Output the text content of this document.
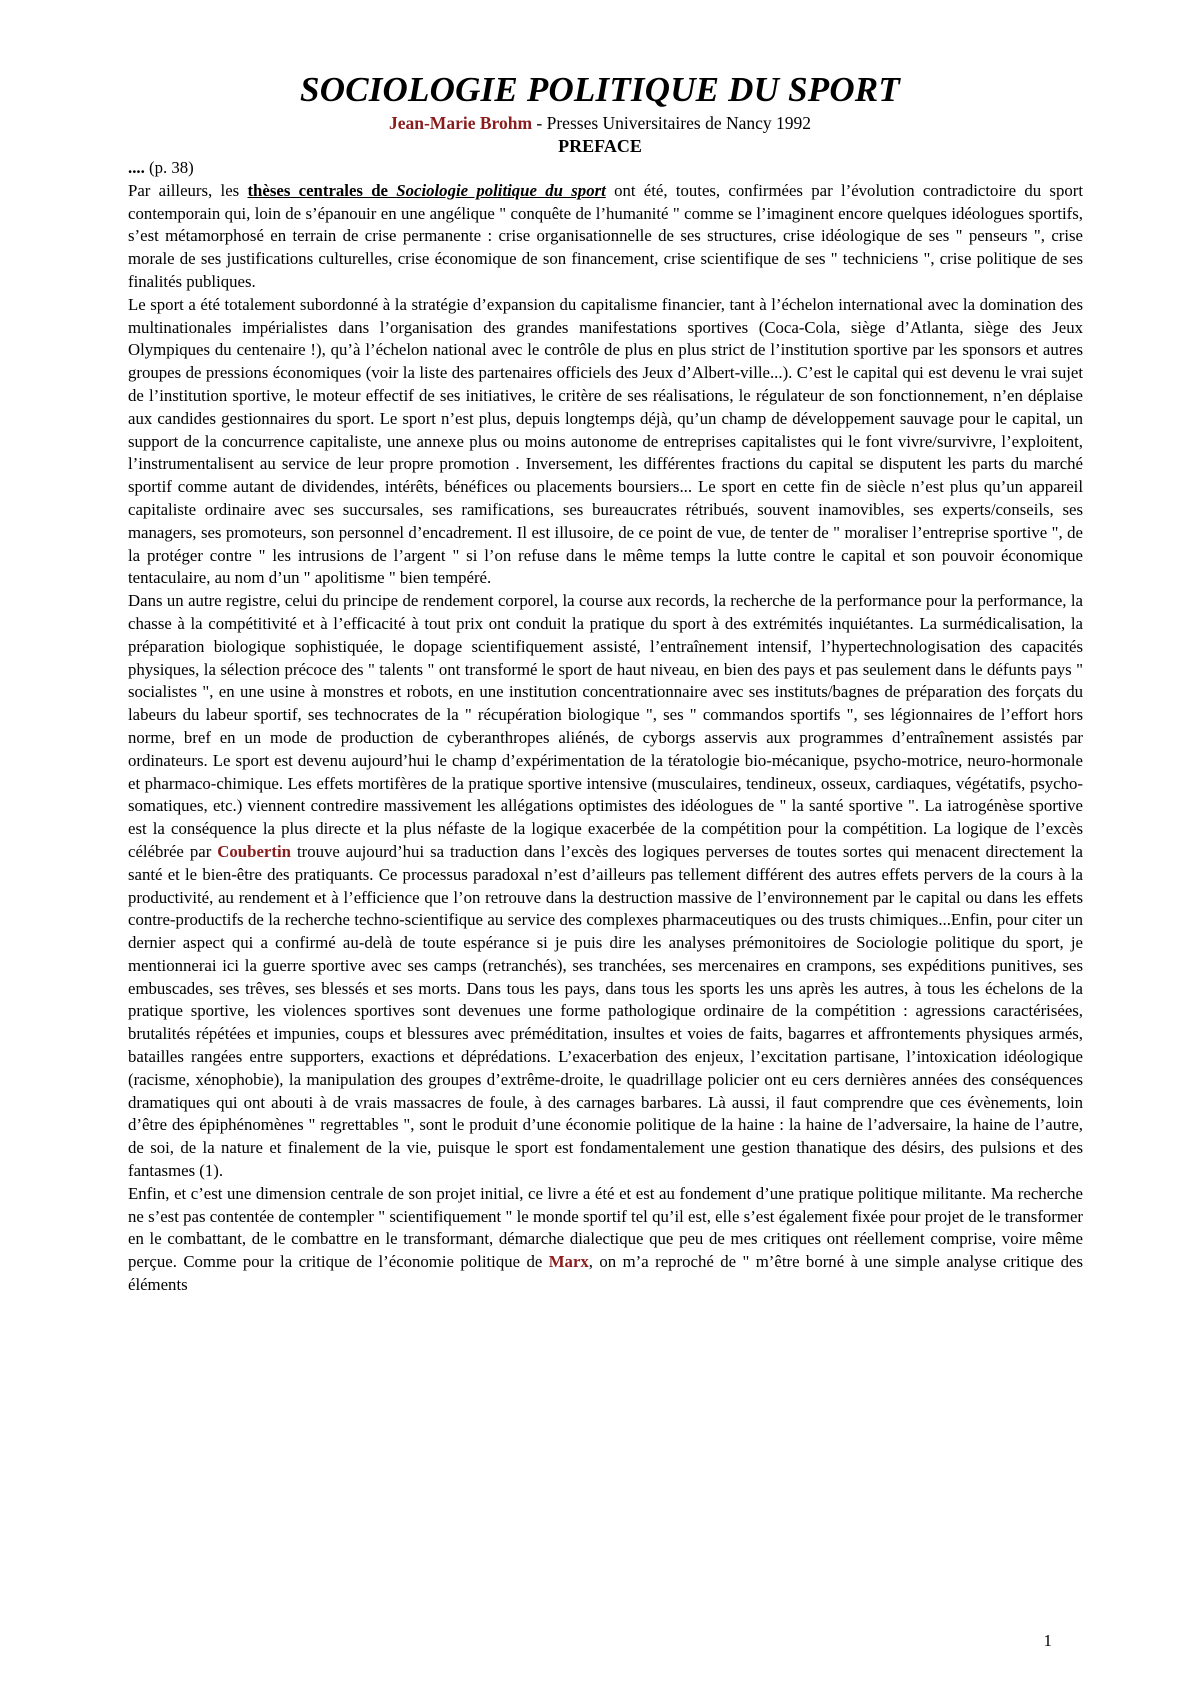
SOCIOLOGIE POLITIQUE DU SPORT
Jean-Marie Brohm - Presses Universitaires de Nancy 1992
PREFACE

.... (p. 38)

Par ailleurs, les thèses centrales de Sociologie politique du sport ont été, toutes, confirmées par l’évolution contradictoire du sport contemporain qui, loin de s’épanouir en une angélique " conquête de l’humanité " comme se l’imaginent encore quelques idéologues sportifs, s’est métamorphosé en terrain de crise permanente : crise organisationnelle de ses structures, crise idéologique de ses " penseurs ", crise morale de ses justifications culturelles, crise économique de son financement, crise scientifique de ses " techniciens ", crise politique de ses finalités publiques.

Le sport a été totalement subordonné à la stratégie d’expansion du capitalisme financier, tant à l’échelon international avec la domination des multinationales impérialistes dans l’organisation des grandes manifestations sportives (Coca-Cola, siège d’Atlanta, siège des Jeux Olympiques du centenaire !), qu’à l’échelon national avec le contrôle de plus en plus strict de l’institution sportive par les sponsors et autres groupes de pressions économiques (voir la liste des partenaires officiels des Jeux d’Albert-ville...). C’est le capital qui est devenu le vrai sujet de l’institution sportive, le moteur effectif de ses initiatives, le critère de ses réalisations, le régulateur de son fonctionnement, n’en déplaise aux candides gestionnaires du sport. Le sport n’est plus, depuis longtemps déjà, qu’un champ de développement sauvage pour le capital, un support de la concurrence capitaliste, une annexe plus ou moins autonome de entreprises capitalistes qui le font vivre/survivre, l’exploitent, l’instrumentalisent au service de leur propre promotion . Inversement, les différentes fractions du capital se disputent les parts du marché sportif comme autant de dividendes, intérêts, bénéfices ou placements boursiers... Le sport en cette fin de siècle n’est plus qu’un appareil capitaliste ordinaire avec ses succursales, ses ramifications, ses bureaucrates rétribués, souvent inamovibles, ses experts/conseils, ses managers, ses promoteurs, son personnel d’encadrement. Il est illusoire, de ce point de vue, de tenter de " moraliser l’entreprise sportive ", de la protéger contre " les intrusions de l’argent " si l’on refuse dans le même temps la lutte contre le capital et son pouvoir économique tentaculaire, au nom d’un " apolitisme " bien tempéré.

Dans un autre registre, celui du principe de rendement corporel, la course aux records, la recherche de la performance pour la performance, la chasse à la compétitivité et à l’efficacité à tout prix ont conduit la pratique du sport à des extrémités inquiétantes. La surmédicalisation, la préparation biologique sophistiquée, le dopage scientifiquement assisté, l’entraînement intensif, l’hypertechnologisation des capacités physiques, la sélection précoce des " talents " ont transformé le sport de haut niveau, en bien des pays et pas seulement dans le défunts pays " socialistes ", en une usine à monstres et robots, en une institution concentrationnaire avec ses instituts/bagnes de préparation des forçats du labeurs du labeur sportif, ses technocrates de la " récupération biologique ", ses " commandos sportifs ", ses légionnaires de l’effort hors norme, bref en un mode de production de cyberanthropes aliénés, de cyborgs asservis aux programmes d’entraînement assistés par ordinateurs. Le sport est devenu aujourd’hui le champ d’expérimentation de la tératologie bio-mécanique, psycho-motrice, neuro-hormonale et pharmaco-chimique. Les effets mortifères de la pratique sportive intensive (musculaires, tendineux, osseux, cardiaques, végétatifs, psycho-somatiques, etc.) viennent contredire massivement les allégations optimistes des idéologues de " la santé sportive ". La iatrogénèse sportive est la conséquence la plus directe et la plus néfaste de la logique exacerbée de la compétition pour la compétition. La logique de l’excès célébrée par Coubertin trouve aujourd’hui sa traduction dans l’excès des logiques perverses de toutes sortes qui menacent directement la santé et le bien-être des pratiquants. Ce processus paradoxal n’est d’ailleurs pas tellement différent des autres effets pervers de la cours à la productivité, au rendement et à l’efficience que l’on retrouve dans la destruction massive de l’environnement par le capital ou dans les effets contre-productifs de la recherche techno-scientifique au service des complexes pharmaceutiques ou des trusts chimiques...Enfin, pour citer un dernier aspect qui a confirmé au-delà de toute espérance si je puis dire les analyses prémonitoires de Sociologie politique du sport, je mentionnerai ici la guerre sportive avec ses camps (retranchés), ses tranchées, ses mercenaires en crampons, ses expéditions punitives, ses embuscades, ses trêves, ses blessés et ses morts. Dans tous les pays, dans tous les sports les uns après les autres, à tous les échelons de la pratique sportive, les violences sportives sont devenues une forme pathologique ordinaire de la compétition : agressions caractérisées, brutalités répétées et impunies, coups et blessures avec préméditation, insultes et voies de faits, bagarres et affrontements physiques armés, batailles rangées entre supporters, exactions et déprédations. L’exacerbation des enjeux, l’excitation partisane, l’intoxication idéologique (racisme, xénophobie), la manipulation des groupes d’extrême-droite, le quadrillage policier ont eu cers dernières années des conséquences dramatiques qui ont abouti à de vrais massacres de foule, à des carnages barbares. Là aussi, il faut comprendre que ces évènements, loin d’être des épiphénomènes " regrettables ", sont le produit d’une économie politique de la haine : la haine de l’adversaire, la haine de l’autre, de soi, de la nature et finalement de la vie, puisque le sport est fondamentalement une gestion thanatique des désirs, des pulsions et des fantasmes (1).

Enfin, et c’est une dimension centrale de son projet initial, ce livre a été et est au fondement d’une pratique politique militante. Ma recherche ne s’est pas contentée de contempler " scientifiquement " le monde sportif tel qu’il est, elle s’est également fixée pour projet de le transformer en le combattant, de le combattre en le transformant, démarche dialectique que peu de mes critiques ont réellement comprise, voire même perçue. Comme pour la critique de l’économie politique de Marx, on m’a reproché de " m’être borné à une simple analyse critique des éléments

1
